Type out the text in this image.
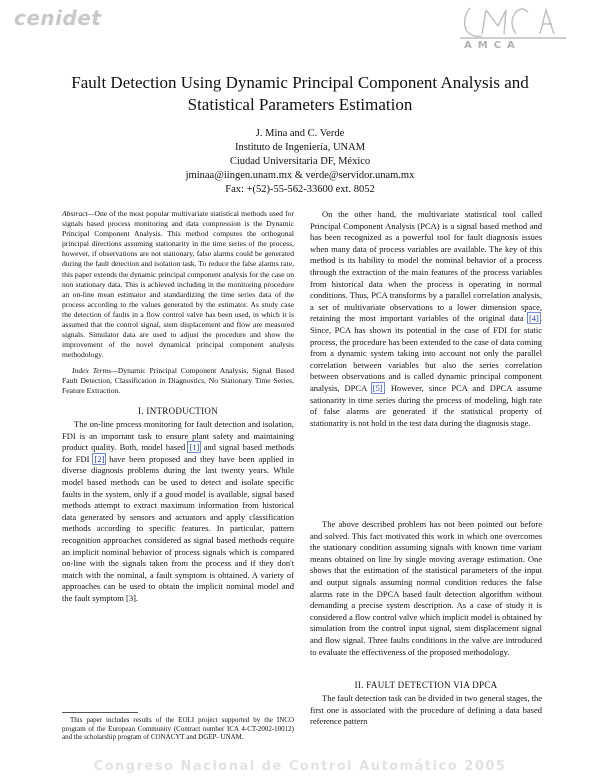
cenidet
AMCA
Fault Detection Using Dynamic Principal Component Analysis and
Statistical Parameters Estimation
J. Mina and C. Verde
Instituto de Ingeniería, UNAM
Ciudad Universitaria DF, México
jminaa@iingen.unam.mx & verde@servidor.unam.mx
Fax: +(52)-55-562-33600 ext. 8052
Abstract—One of the most popular multivariate statistical methods used for signals based process monitoring and data compression is the Dynamic Principal Component Analysis. This method computes the orthogonal principal directions assuming stationarity in the time series of the process, however, if observations are not stationary, false alarms could be generated during the fault detection and isolation task. To reduce the false alarms rate, this paper extends the dynamic principal component analysis for the case on non stationary data. This is achieved including in the monitoring procedure an on-line mean estimator and standardizing the time series data of the process according to the values generated by the estimator. As study case the detection of faults in a flow control valve has been used, in which it is assumed that the control signal, stem displacement and flow are measured signals. Simulator data are used to adjust the procedure and show the improvement of the novel dynamical principal component analysis methodology.
Index Terms—Dynamic Principal Component Analysis, Signal Based Fault Detection, Classification in Diagnostics, No Stationary Time Series, Feature Extraction.
I. INTRODUCTION
The on-line process monitoring for fault detection and isolation, FDI is an important task to ensure plant safety and maintaining product quality. Both, model based [1] and signal based methods for FDI [2] have been proposed and they have been applied in diverse diagnosis problems during the last twenty years. While model based methods can be used to detect and isolate specific faults in the system, only if a good model is available, signal based methods attempt to extract maximum information from historical data generated by sensors and actuators and apply classification methods according to specific features. In particular, pattern recognition approaches considered as signal based methods require an implicit nominal behavior of process signals which is compared on-line with the signals taken from the process and if they don't match with the nominal, a fault symptom is obtained. A variety of approaches can be used to obtain the implicit nominal model and the fault symptom [3].
This paper includes results of the EOLI project supported by the INCO program of the European Community (Contract number ICA 4-CT-2002-10012) and the scholarship program of CONACYT and DGEP- UNAM.
On the other hand, the multivariate statistical tool called Principal Component Analysis (PCA) is a signal based method and has been recognized as a powerful tool for fault diagnosis issues when many data of process variables are available. The key of this method is its hability to model the nominal behavior of a process through the extraction of the main features of the process variables from historical data when the process is operating in normal conditions. Thus, PCA transforms by a parallel correlation analysis, a set of multivariate observations to a lower dimension space, retaining the most important variables of the original data [4]. Since, PCA has shown its potential in the case of FDI for static process, the procedure has been extended to the case of data coming from a dynamic system taking into account not only the parallel correlation between variables but also the series correlation between observations and is called dynamic principal component analysis, DPCA [5]. However, since PCA and DPCA assume sationarity in time series during the process of modeling, high rate of false alarms are generated if the statistical property of stationarity is not hold in the test data during the diagnosis stage.
The above described problem has not been pointed out before and solved. This fact motivated this work in which one overcomes the stationary condition assuming signals with known time variant means obtained on line by single moving average estimation. One shows that the estimation of the statistical parameters of the input and output signals assuming normal condition reduces the false alarms rate in the DPCA based fault detection algorithm without demanding a precise system description. As a case of study it is considered a flow control valve which implicit model is obtained by simulation from the control input signal, stem displacement signal and flow signal. Three faults conditions in the valve are introduced to evaluate the effectiveness of the proposed methodology.
II. FAULT DETECTION VIA DPCA
The fault detection task can be divided in two general stages, the first one is associated with the procedure of defining a data based reference pattern
Congreso Nacional de Control Automático 2005
